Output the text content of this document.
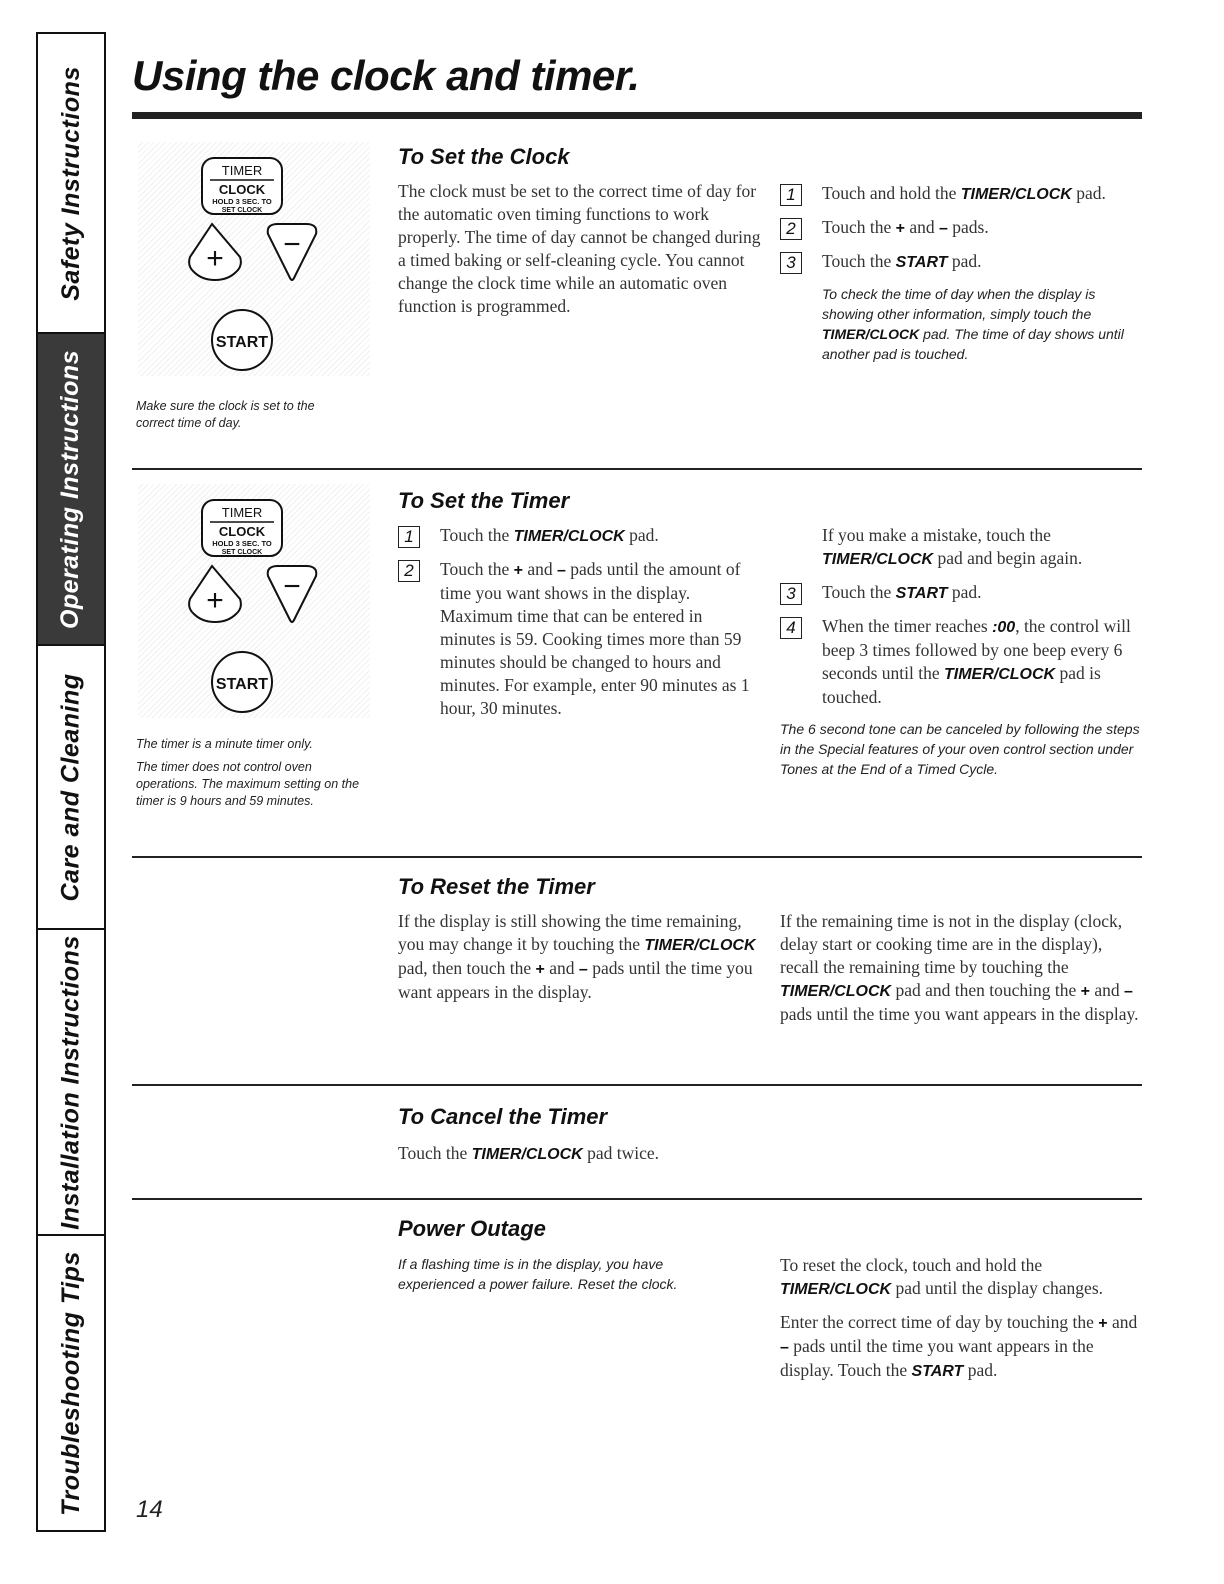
Safety Instructions
Operating Instructions
Care and Cleaning
Installation Instructions
Troubleshooting Tips
Using the clock and timer.
TIMER
CLOCK
HOLD 3 SEC. TO
SET CLOCK
+ −
START

Make sure the clock is set to the correct time of day.

To Set the Clock

The clock must be set to the correct time of day for the automatic oven timing functions to work properly. The time of day cannot be changed during a timed baking or self-cleaning cycle. You cannot change the clock time while an automatic oven function is programmed.

1	Touch and hold the TIMER/CLOCK pad.
2	Touch the + and – pads.
3	Touch the START pad.

To check the time of day when the display is showing other information, simply touch the TIMER/CLOCK pad. The time of day shows until another pad is touched.

TIMER
CLOCK
HOLD 3 SEC. TO
SET CLOCK
+ −
START

The timer is a minute timer only.

The timer does not control oven operations. The maximum setting on the timer is 9 hours and 59 minutes.

To Set the Timer
1	Touch the TIMER/CLOCK pad.
2	Touch the + and – pads until the amount of time you want shows in the display. Maximum time that can be entered in minutes is 59. Cooking times more than 59 minutes should be changed to hours and minutes. For example, enter 90 minutes as 1 hour, 30 minutes.

If you make a mistake, touch the TIMER/CLOCK pad and begin again.

3	Touch the START pad.
4	When the timer reaches :00, the control will beep 3 times followed by one beep every 6 seconds until the TIMER/CLOCK pad is touched.

The 6 second tone can be canceled by following the steps in the Special features of your oven control section under Tones at the End of a Timed Cycle.

To Reset the Timer

If the display is still showing the time remaining, you may change it by touching the TIMER/CLOCK pad, then touch the + and – pads until the time you want appears in the display.

If the remaining time is not in the display (clock, delay start or cooking time are in the display), recall the remaining time by touching the TIMER/CLOCK pad and then touching the + and – pads until the time you want appears in the display.

To Cancel the Timer

Touch the TIMER/CLOCK pad twice.

Power Outage

If a flashing time is in the display, you have experienced a power failure. Reset the clock.

To reset the clock, touch and hold the TIMER/CLOCK pad until the display changes.

Enter the correct time of day by touching the + and – pads until the time you want appears in the display. Touch the START pad.

14
